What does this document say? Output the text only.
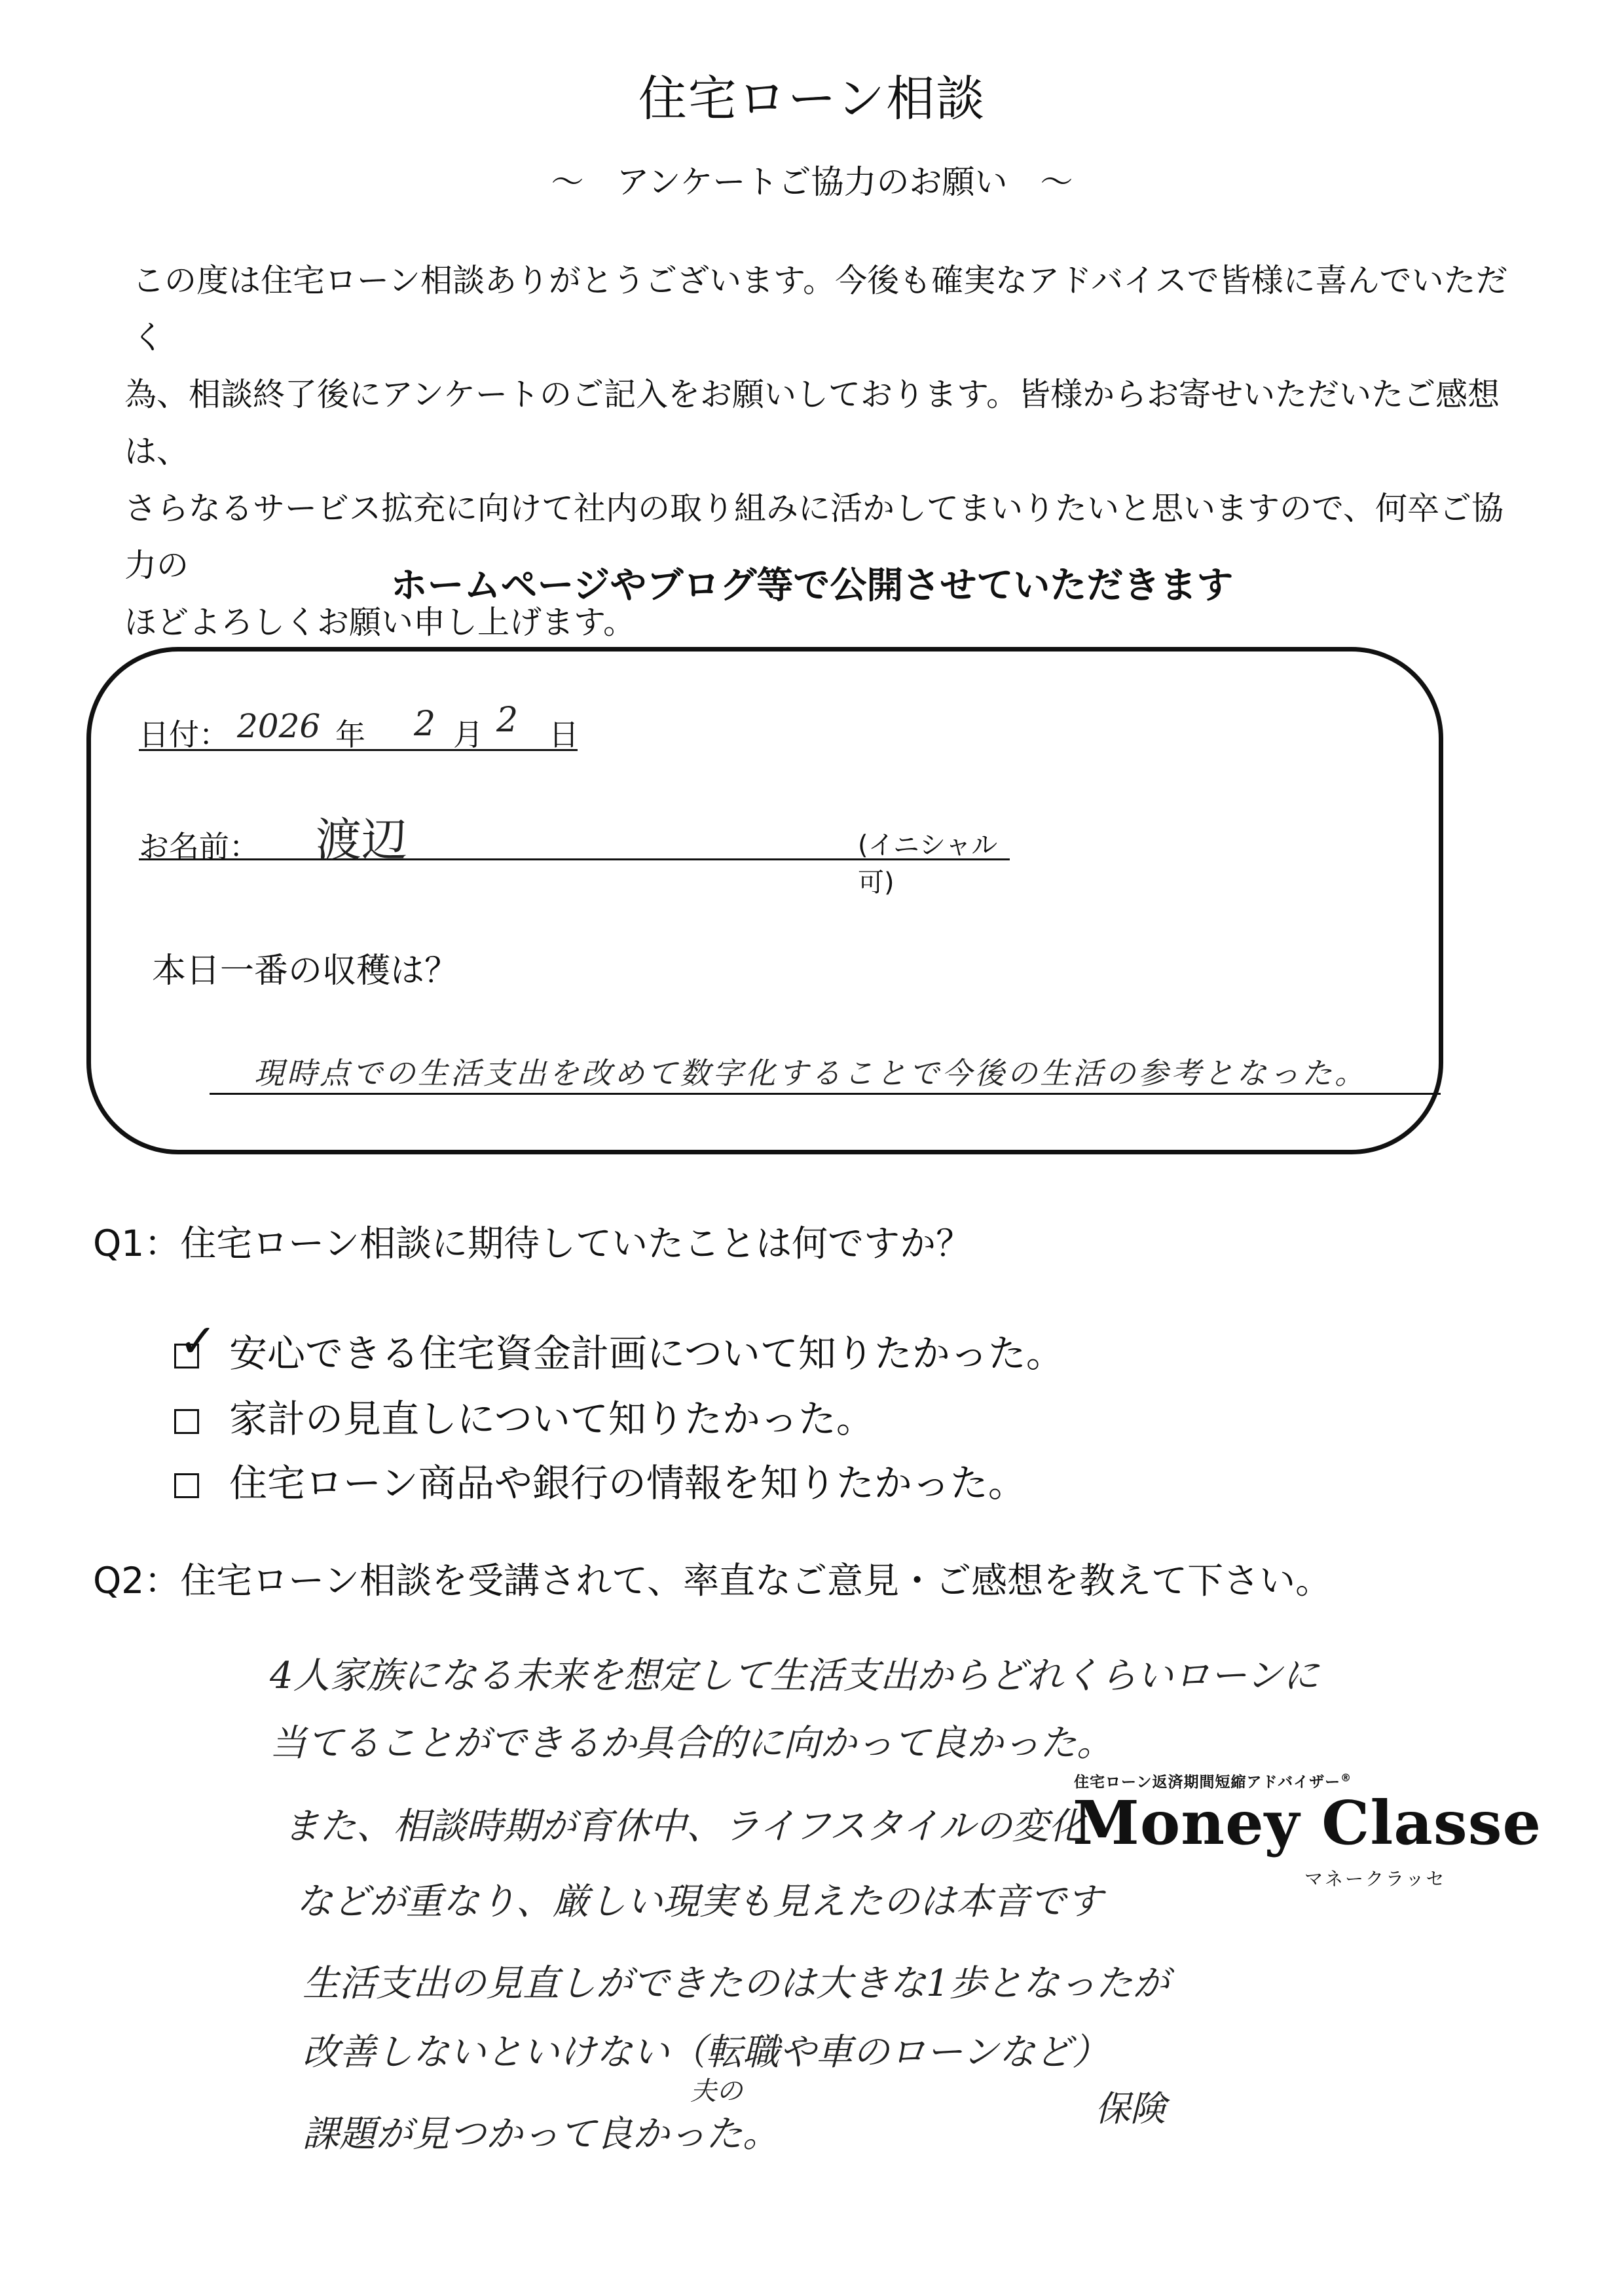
住宅ローン相談
～　アンケートご協力のお願い　～
この度は住宅ローン相談ありがとうございます。今後も確実なアドバイスで皆様に喜んでいただく
為、相談終了後にアンケートのご記入をお願いしております。皆様からお寄せいただいたご感想は、
さらなるサービス拡充に向けて社内の取り組みに活かしてまいりたいと思いますので、何卒ご協力の
ほどよろしくお願い申し上げます。
ホームページやブログ等で公開させていただきます
日付： 2026 年 2 月 2 日
お名前： 渡辺	(イニシャル可)
本日一番の収穫は？
現時点での生活支出を改めて数字化することで今後の生活の参考となった。
Q1：住宅ローン相談に期待していたことは何ですか？
✓ 安心できる住宅資金計画について知りたかった。
家計の見直しについて知りたかった。
住宅ローン商品や銀行の情報を知りたかった。
Q2：住宅ローン相談を受講されて、率直なご意見・ご感想を教えて下さい。
4人家族になる未来を想定して生活支出からどれくらいローンに
当てることができるか具合的に向かって良かった。
また、相談時期が育休中、ライフスタイルの変化
などが重なり、厳しい現実も見えたのは本音です
生活支出の見直しができたのは大きな1歩となったが
改善しないといけない（転職や車のローンなど）
保険
夫の
課題が見つかって良かった。
住宅ローン返済期間短縮アドバイザー®
Money Classe
マネークラッセ
